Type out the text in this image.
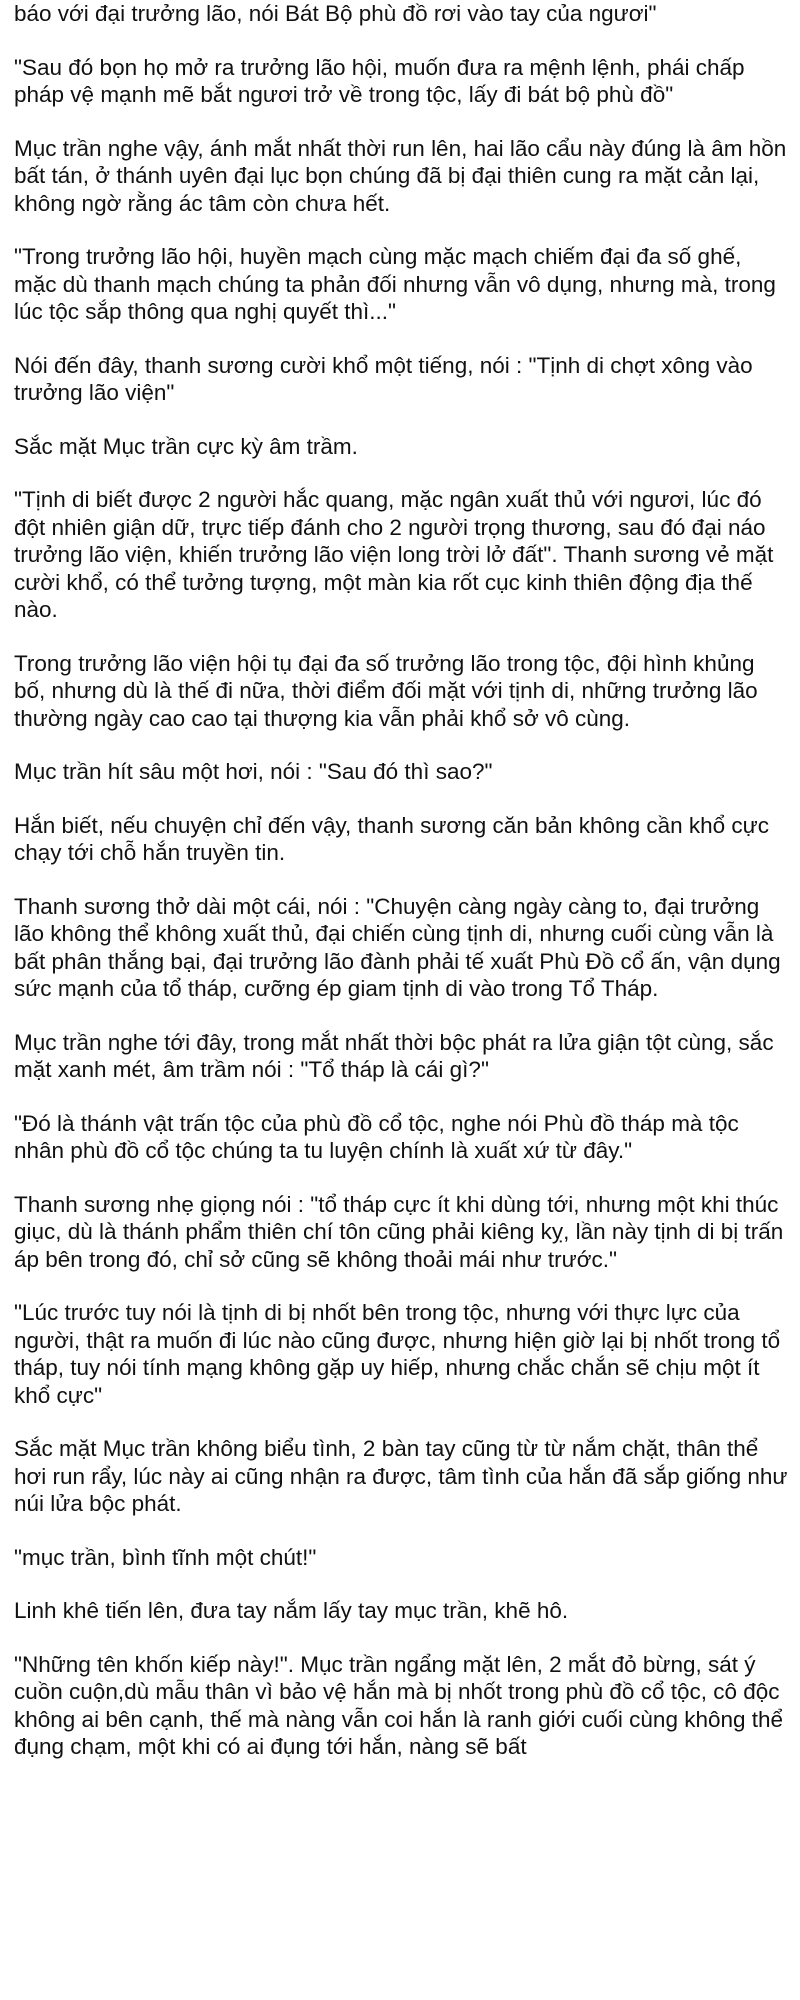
báo với đại trưởng lão, nói Bát Bộ phù đồ rơi vào tay của ngươi"

"Sau đó bọn họ mở ra trưởng lão hội, muốn đưa ra mệnh lệnh, phái chấp pháp vệ mạnh mẽ bắt ngươi trở về trong tộc, lấy đi bát bộ phù đồ"

Mục trần nghe vậy, ánh mắt nhất thời run lên, hai lão cẩu này đúng là âm hồn bất tán, ở thánh uyên đại lục bọn chúng đã bị đại thiên cung ra mặt cản lại, không ngờ rằng ác tâm còn chưa hết.

"Trong trưởng lão hội, huyền mạch cùng mặc mạch chiếm đại đa số ghế, mặc dù thanh mạch chúng ta phản đối nhưng vẫn vô dụng, nhưng mà, trong lúc tộc sắp thông qua nghị quyết thì..."

Nói đến đây, thanh sương cười khổ một tiếng, nói : "Tịnh di chợt xông vào trưởng lão viện"

Sắc mặt Mục trần cực kỳ âm trầm.

"Tịnh di biết được 2 người hắc quang, mặc ngân xuất thủ với ngươi, lúc đó đột nhiên giận dữ, trực tiếp đánh cho 2 người trọng thương, sau đó đại náo trưởng lão viện, khiến trưởng lão viện long trời lở đất". Thanh sương vẻ mặt cười khổ, có thể tưởng tượng, một màn kia rốt cục kinh thiên động địa thế nào.

Trong trưởng lão viện hội tụ đại đa số trưởng lão trong tộc, đội hình khủng bố, nhưng dù là thế đi nữa, thời điểm đối mặt với tịnh di, những trưởng lão thường ngày cao cao tại thượng kia vẫn phải khổ sở vô cùng.

Mục trần hít sâu một hơi, nói : "Sau đó thì sao?"

Hắn biết, nếu chuyện chỉ đến vậy, thanh sương căn bản không cần khổ cực chạy tới chỗ hắn truyền tin.

Thanh sương thở dài một cái, nói : "Chuyện càng ngày càng to, đại trưởng lão không thể không xuất thủ, đại chiến cùng tịnh di, nhưng cuối cùng vẫn là bất phân thắng bại, đại trưởng lão đành phải tế xuất Phù Đồ cổ ấn, vận dụng sức mạnh của tổ tháp, cưỡng ép giam tịnh di vào trong Tổ Tháp.

Mục trần nghe tới đây, trong mắt nhất thời bộc phát ra lửa giận tột cùng, sắc mặt xanh mét, âm trầm nói : "Tổ tháp là cái gì?"

"Đó là thánh vật trấn tộc của phù đồ cổ tộc, nghe nói Phù đồ tháp mà tộc nhân phù đồ cổ tộc chúng ta tu luyện chính là xuất xứ từ đây."

Thanh sương nhẹ giọng nói : "tổ tháp cực ít khi dùng tới, nhưng một khi thúc giục, dù là thánh phẩm thiên chí tôn cũng phải kiêng kỵ, lần này tịnh di bị trấn áp bên trong đó, chỉ sở cũng sẽ không thoải mái như trước."

"Lúc trước tuy nói là tịnh di bị nhốt bên trong tộc, nhưng với thực lực của người, thật ra muốn đi lúc nào cũng được, nhưng hiện giờ lại bị nhốt trong tổ tháp, tuy nói tính mạng không gặp uy hiếp, nhưng chắc chắn sẽ chịu một ít khổ cực"

Sắc mặt Mục trần không biểu tình, 2 bàn tay cũng từ từ nắm chặt, thân thể hơi run rẩy, lúc này ai cũng nhận ra được, tâm tình của hắn đã sắp giống như núi lửa bộc phát.

"mục trần, bình tĩnh một chút!"

Linh khê tiến lên, đưa tay nắm lấy tay mục trần, khẽ hô.

"Những tên khốn kiếp này!". Mục trần ngẩng mặt lên, 2 mắt đỏ bừng, sát ý cuồn cuộn,dù mẫu thân vì bảo vệ hắn mà bị nhốt trong phù đồ cổ tộc, cô độc không ai bên cạnh, thế mà nàng vẫn coi hắn là ranh giới cuối cùng không thể đụng chạm, một khi có ai đụng tới hắn, nàng sẽ bất
